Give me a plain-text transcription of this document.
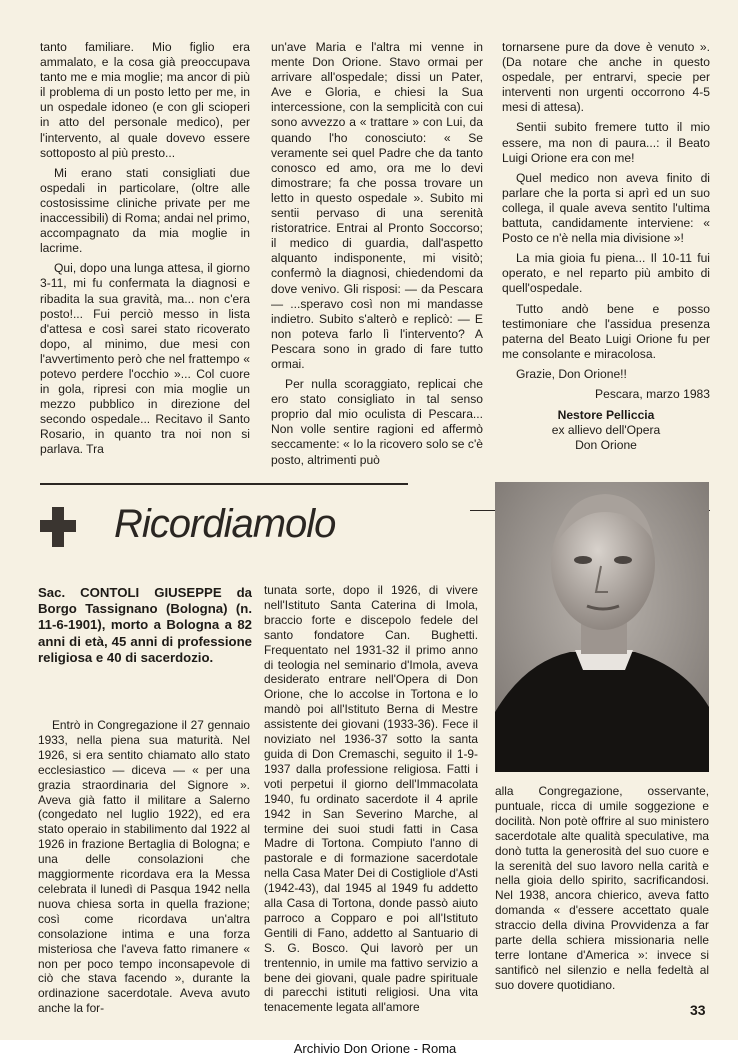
tanto familiare. Mio figlio era ammalato, e la cosa già preoccupava tanto me e mia moglie; ma ancor di più il problema di un posto letto per me, in un ospedale idoneo (e con gli scioperi in atto del personale medico), per l'intervento, al quale dovevo essere sottoposto al più presto...

Mi erano stati consigliati due ospedali in particolare, (oltre alle costosissime cliniche private per me inaccessibili) di Roma; andai nel primo, accompagnato da mia moglie in lacrime.

Qui, dopo una lunga attesa, il giorno 3-11, mi fu confermata la diagnosi e ribadita la sua gravità, ma... non c'era posto!... Fui perciò messo in lista d'attesa e così sarei stato ricoverato dopo, al minimo, due mesi con l'avvertimento però che nel frattempo « potevo perdere l'occhio »... Col cuore in gola, ripresi con mia moglie un mezzo pubblico in direzione del secondo ospedale... Recitavo il Santo Rosario, in quanto tra noi non si parlava. Tra

un'ave Maria e l'altra mi venne in mente Don Orione. Stavo ormai per arrivare all'ospedale; dissi un Pater, Ave e Gloria, e chiesi la Sua intercessione, con la semplicità con cui sono avvezzo a « trattare » con Lui, da quando l'ho conosciuto: « Se veramente sei quel Padre che da tanto conosco ed amo, ora me lo devi dimostrare; fa che possa trovare un letto in questo ospedale ». Subito mi sentii pervaso di una serenità ristoratrice. Entrai al Pronto Soccorso; il medico di guardia, dall'aspetto alquanto indisponente, mi visitò; confermò la diagnosi, chiedendomi da dove venivo. Gli risposi: — da Pescara — ...speravo così non mi mandasse indietro. Subito s'alterò e replicò: — E non poteva farlo lì l'intervento? A Pescara sono in grado di fare tutto ormai.

Per nulla scoraggiato, replicai che ero stato consigliato in tal senso proprio dal mio oculista di Pescara... Non volle sentire ragioni ed affermò seccamente: « Io la ricovero solo se c'è posto, altrimenti può

tornarsene pure da dove è venuto ». (Da notare che anche in questo ospedale, per entrarvi, specie per interventi non urgenti occorrono 4-5 mesi di attesa).

Sentii subito fremere tutto il mio essere, ma non di paura...: il Beato Luigi Orione era con me!

Quel medico non aveva finito di parlare che la porta si aprì ed un suo collega, il quale aveva sentito l'ultima battuta, candidamente interviene: « Posto ce n'è nella mia divisione »!

La mia gioia fu piena... Il 10-11 fui operato, e nel reparto più ambito di quell'ospedale.

Tutto andò bene e posso testimoniare che l'assidua presenza paterna del Beato Luigi Orione fu per me consolante e miracolosa.

Grazie, Don Orione!!

Pescara, marzo 1983
Nestore Pelliccia
ex allievo dell'Opera
Don Orione
Ricordiamolo
Sac. CONTOLI GIUSEPPE da Borgo Tassignano (Bologna) (n. 11-6-1901), morto a Bologna a 82 anni di età, 45 anni di professione religiosa e 40 di sacerdozio.

Entrò in Congregazione il 27 gennaio 1933, nella piena sua maturità. Nel 1926, si era sentito chiamato allo stato ecclesiastico — diceva — « per una grazia straordinaria del Signore ». Aveva già fatto il militare a Salerno (congedato nel luglio 1922), ed era stato operaio in stabilimento dal 1922 al 1926 in frazione Bertaglia di Bologna; e una delle consolazioni che maggiormente ricordava era la Messa celebrata il lunedì di Pasqua 1942 nella nuova chiesa sorta in quella frazione; così come ricordava un'altra consolazione intima e una forza misteriosa che l'aveva fatto rimanere « non per poco tempo inconsapevole di ciò che stava facendo », durante la ordinazione sacerdotale. Aveva avuto anche la for-

tunata sorte, dopo il 1926, di vivere nell'Istituto Santa Caterina di Imola, braccio forte e discepolo fedele del santo fondatore Can. Bughetti. Frequentato nel 1931-32 il primo anno di teologia nel seminario d'Imola, aveva desiderato entrare nell'Opera di Don Orione, che lo accolse in Tortona e lo mandò poi all'Istituto Berna di Mestre assistente dei giovani (1933-36). Fece il noviziato nel 1936-37 sotto la santa guida di Don Cremaschi, seguito il 1-9-1937 dalla professione religiosa. Fatti i voti perpetui il giorno dell'Immacolata 1940, fu ordinato sacerdote il 4 aprile 1942 in San Severino Marche, al termine dei suoi studi fatti in Casa Madre di Tortona. Compiuto l'anno di pastorale e di formazione sacerdotale nella Casa Mater Dei di Costigliole d'Asti (1942-43), dal 1945 al 1949 fu addetto alla Casa di Tortona, donde passò aiuto parroco a Copparo e poi all'Istituto Gentili di Fano, addetto al Santuario di S. G. Bosco. Qui lavorò per un trentennio, in umile ma fattivo servizio a bene dei giovani, quale padre spirituale di parecchi istituti religiosi. Una vita tenacemente legata all'amore

alla Congregazione, osservante, puntuale, ricca di umile soggezione e docilità. Non potè offrire al suo ministero sacerdotale alte qualità speculative, ma donò tutta la generosità del suo cuore e la serenità del suo lavoro nella carità e nella gioia dello spirito, sacrificandosi. Nel 1938, ancora chierico, aveva fatto domanda « d'essere accettato quale straccio della divina Provvidenza a far parte della schiera missionaria nelle terre lontane d'America »: invece si santificò nel silenzio e nella fedeltà al suo dovere quotidiano.

33
Archivio Don Orione - Roma
